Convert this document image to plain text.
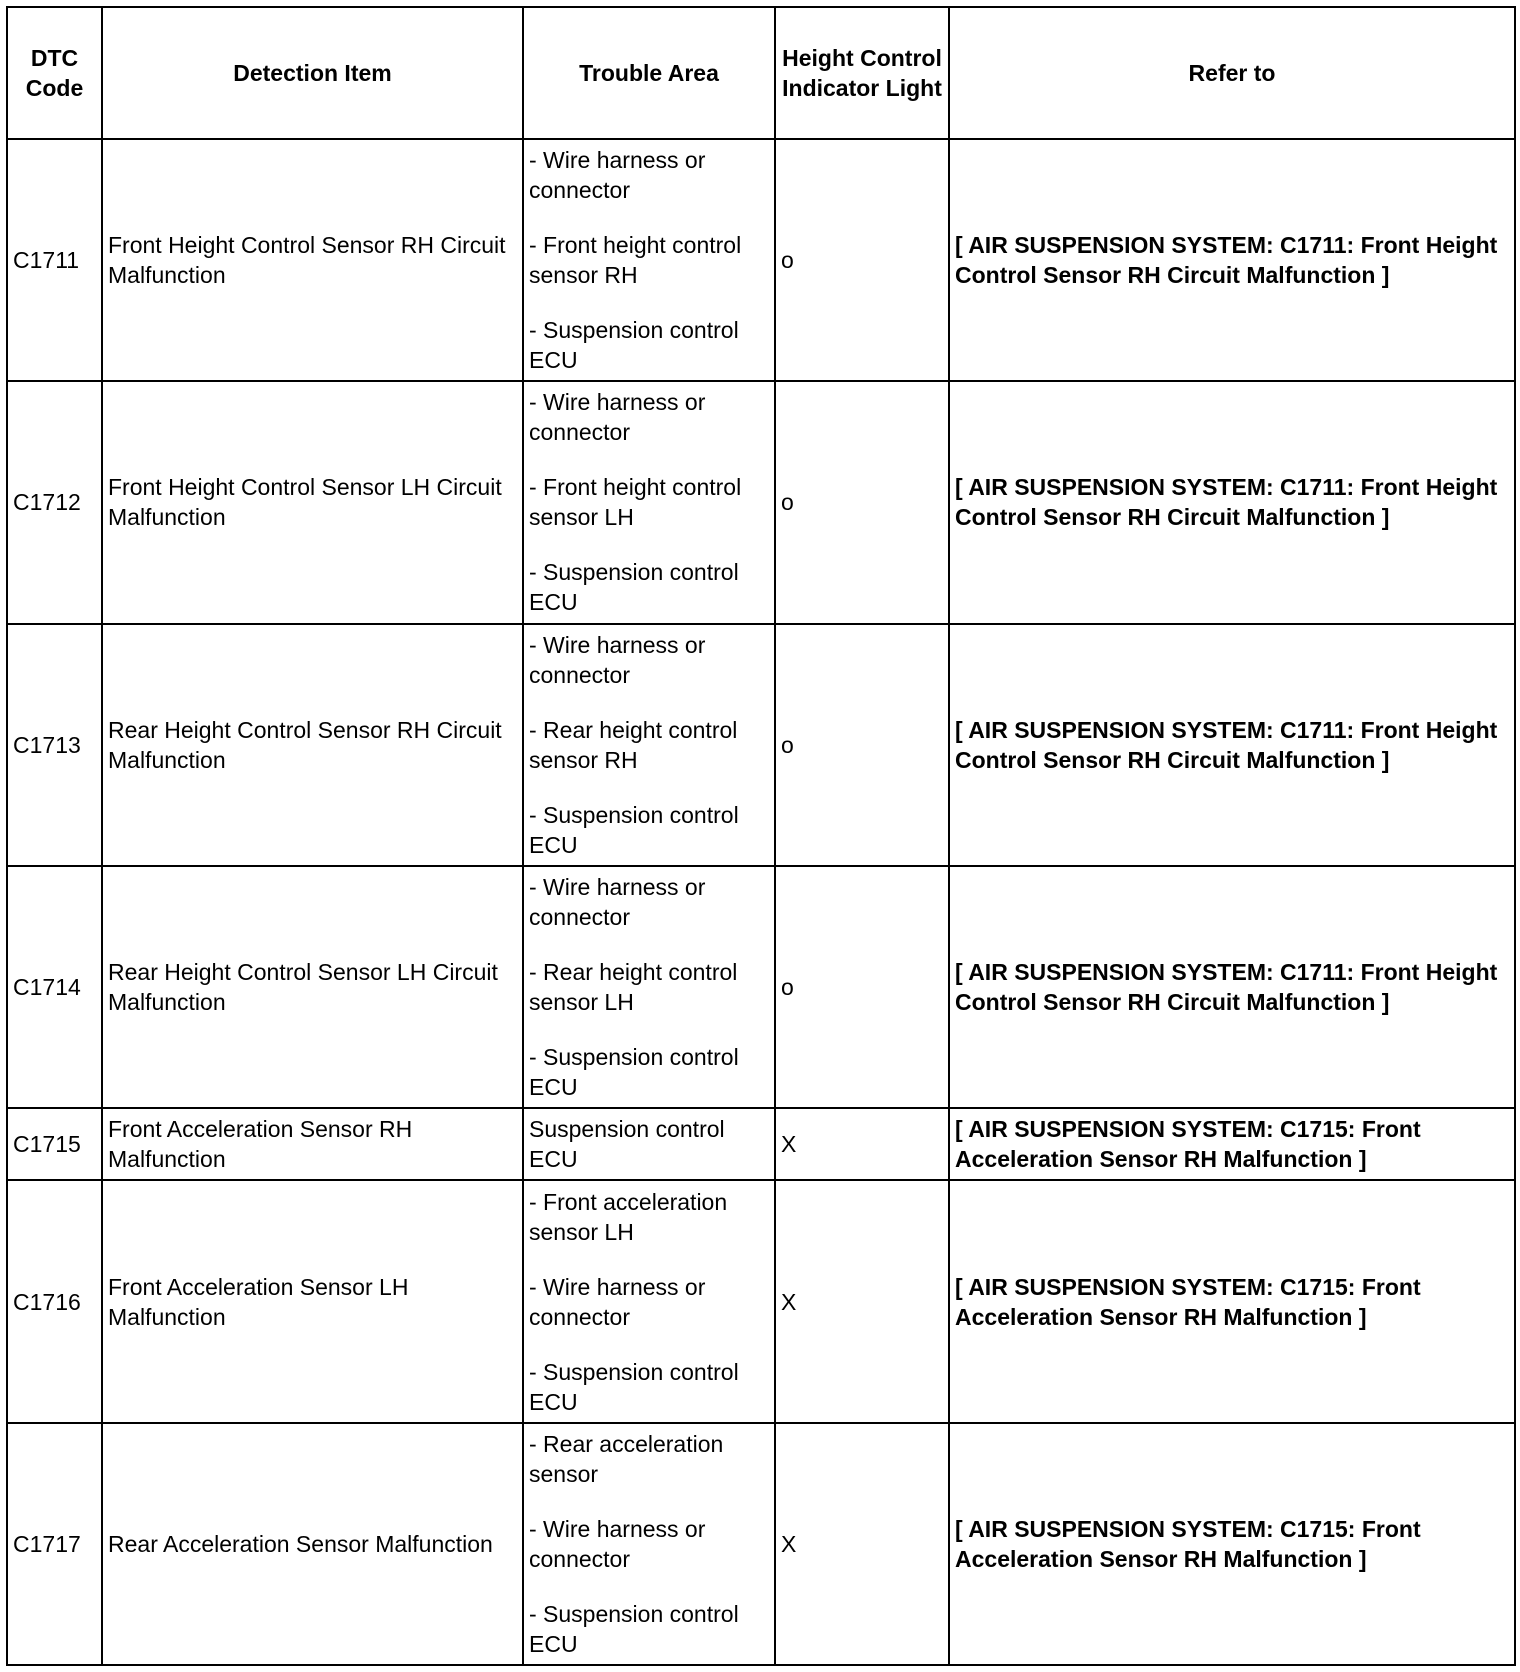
DTC Code	Detection Item	Trouble Area	Height Control Indicator Light	Refer to
C1711	Front Height Control Sensor RH Circuit Malfunction	- Wire harness or connector
- Front height control sensor RH
- Suspension control ECU	o	[ AIR SUSPENSION SYSTEM: C1711: Front Height Control Sensor RH Circuit Malfunction ]
C1712	Front Height Control Sensor LH Circuit Malfunction	- Wire harness or connector
- Front height control sensor LH
- Suspension control ECU	o	[ AIR SUSPENSION SYSTEM: C1711: Front Height Control Sensor RH Circuit Malfunction ]
C1713	Rear Height Control Sensor RH Circuit Malfunction	- Wire harness or connector
- Rear height control sensor RH
- Suspension control ECU	o	[ AIR SUSPENSION SYSTEM: C1711: Front Height Control Sensor RH Circuit Malfunction ]
C1714	Rear Height Control Sensor LH Circuit Malfunction	- Wire harness or connector
- Rear height control sensor LH
- Suspension control ECU	o	[ AIR SUSPENSION SYSTEM: C1711: Front Height Control Sensor RH Circuit Malfunction ]
C1715	Front Acceleration Sensor RH Malfunction	Suspension control ECU	X	[ AIR SUSPENSION SYSTEM: C1715: Front Acceleration Sensor RH Malfunction ]
C1716	Front Acceleration Sensor LH Malfunction	- Front acceleration sensor LH
- Wire harness or connector
- Suspension control ECU	X	[ AIR SUSPENSION SYSTEM: C1715: Front Acceleration Sensor RH Malfunction ]
C1717	Rear Acceleration Sensor Malfunction	- Rear acceleration sensor
- Wire harness or connector
- Suspension control ECU	X	[ AIR SUSPENSION SYSTEM: C1715: Front Acceleration Sensor RH Malfunction ]
